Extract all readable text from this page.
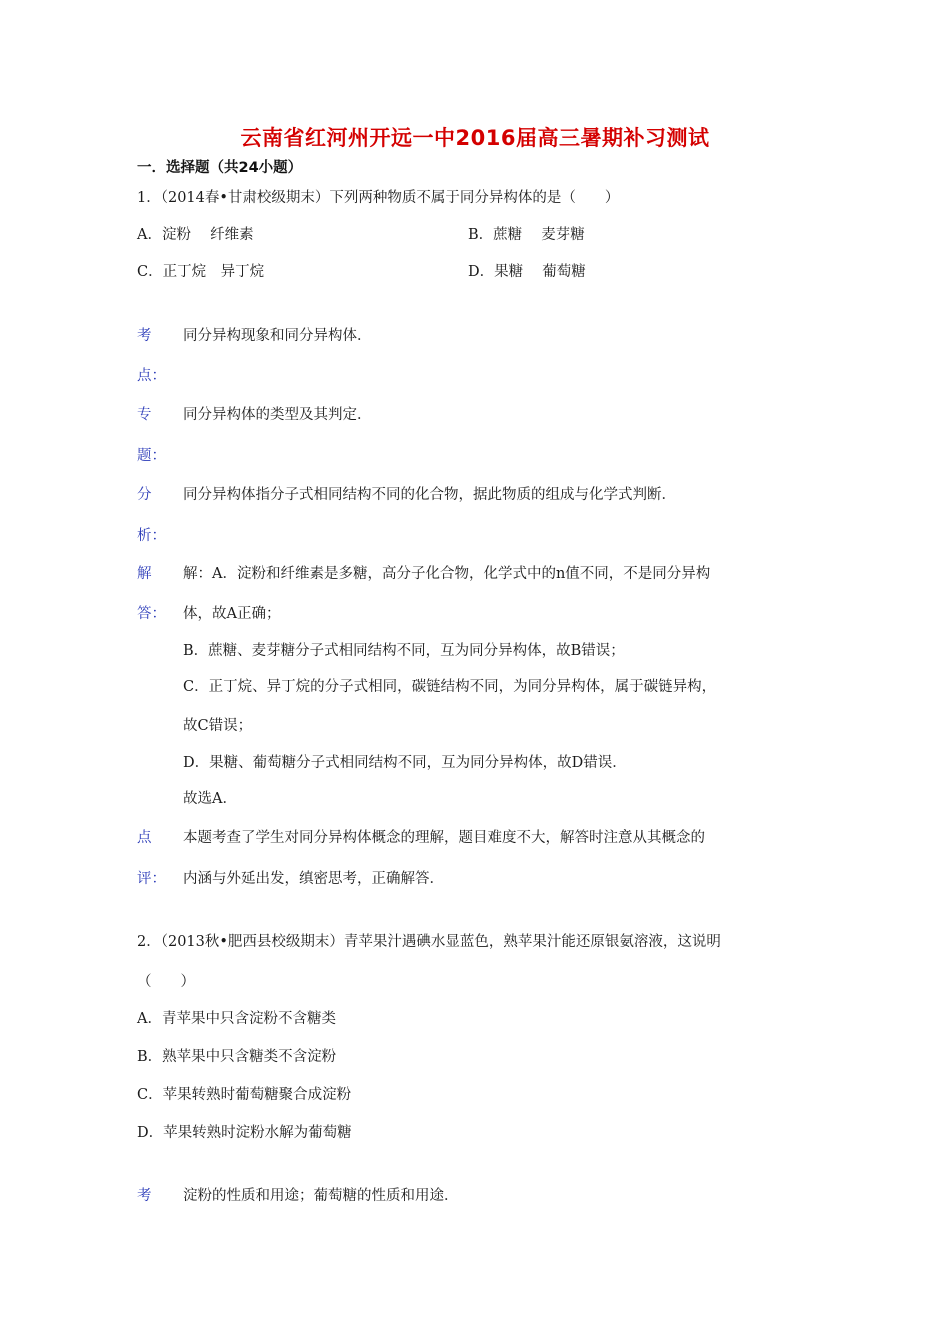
云南省红河州开远一中2016届高三暑期补习测试
一．选择题（共24小题）
1．（2014春•甘肃校级期末）下列两种物质不属于同分异构体的是（　　）
A．淀粉　 纤维素	B．蔗糖　 麦芽糖
C．正丁烷　异丁烷	D．果糖　 葡萄糖
考 同分异构现象和同分异构体．
点：
专 同分异构体的类型及其判定．
题：
分 同分异构体指分子式相同结构不同的化合物，据此物质的组成与化学式判断．
析：
解 解：A．淀粉和纤维素是多糖，高分子化合物，化学式中的n值不同，不是同分异构
答： 体，故A正确；
B．蔗糖、麦芽糖分子式相同结构不同，互为同分异构体，故B错误；
C．正丁烷、异丁烷的分子式相同，碳链结构不同，为同分异构体，属于碳链异构，
故C错误；
D．果糖、葡萄糖分子式相同结构不同，互为同分异构体，故D错误．
故选A．
点 本题考查了学生对同分异构体概念的理解，题目难度不大，解答时注意从其概念的
评： 内涵与外延出发，缜密思考，正确解答．
2．（2013秋•肥西县校级期末）青苹果汁遇碘水显蓝色，熟苹果汁能还原银氨溶液，这说明
（　　）
A．青苹果中只含淀粉不含糖类
B．熟苹果中只含糖类不含淀粉
C．苹果转熟时葡萄糖聚合成淀粉
D．苹果转熟时淀粉水解为葡萄糖
考 淀粉的性质和用途；葡萄糖的性质和用途．
